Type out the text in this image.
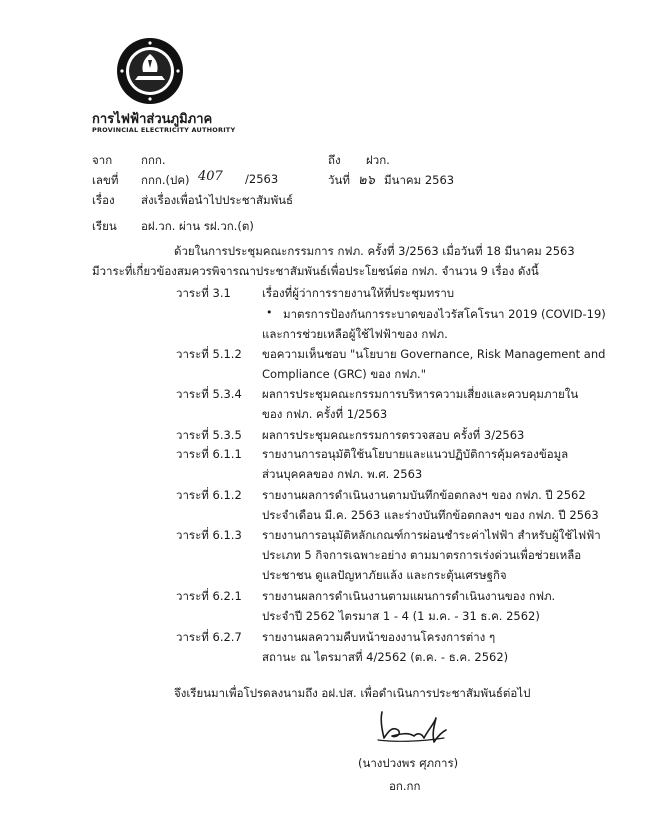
การไฟฟ้าส่วนภูมิภาค
PROVINCIAL ELECTRICITY AUTHORITY
จาก	กกก.	ถึง ฝวก.
เลขที่ กกก.(ปค) 407 /2563	วันที่ ๒๖ มีนาคม 2563
เรื่อง ส่งเรื่องเพื่อนำไปประชาสัมพันธ์
เรียน อฝ.วก. ผ่าน รฝ.วก.(ต)
ด้วยในการประชุมคณะกรรมการ กฟภ. ครั้งที่ 3/2563 เมื่อวันที่ 18 มีนาคม 2563
มีวาระที่เกี่ยวข้องสมควรพิจารณาประชาสัมพันธ์เพื่อประโยชน์ต่อ กฟภ. จำนวน 9 เรื่อง ดังนี้
วาระที่ 3.1	เรื่องที่ผู้ว่าการรายงานให้ที่ประชุมทราบ
• มาตรการป้องกันการระบาดของไวรัสโคโรนา 2019 (COVID-19)
และการช่วยเหลือผู้ใช้ไฟฟ้าของ กฟภ.
วาระที่ 5.1.2 ขอความเห็นชอบ "นโยบาย Governance, Risk Management and
Compliance (GRC) ของ กฟภ."
วาระที่ 5.3.4 ผลการประชุมคณะกรรมการบริหารความเสี่ยงและควบคุมภายใน
ของ กฟภ. ครั้งที่ 1/2563
วาระที่ 5.3.5 ผลการประชุมคณะกรรมการตรวจสอบ ครั้งที่ 3/2563
วาระที่ 6.1.1 รายงานการอนุมัติใช้นโยบายและแนวปฏิบัติการคุ้มครองข้อมูล
ส่วนบุคคลของ กฟภ. พ.ศ. 2563
วาระที่ 6.1.2 รายงานผลการดำเนินงานตามบันทึกข้อตกลงฯ ของ กฟภ. ปี 2562
ประจำเดือน มี.ค. 2563 และร่างบันทึกข้อตกลงฯ ของ กฟภ. ปี 2563
วาระที่ 6.1.3 รายงานการอนุมัติหลักเกณฑ์การผ่อนชำระค่าไฟฟ้า สำหรับผู้ใช้ไฟฟ้า
ประเภท 5 กิจการเฉพาะอย่าง ตามมาตรการเร่งด่วนเพื่อช่วยเหลือ
ประชาชน ดูแลปัญหาภัยแล้ง และกระตุ้นเศรษฐกิจ
วาระที่ 6.2.1 รายงานผลการดำเนินงานตามแผนการดำเนินงานของ กฟภ.
ประจำปี 2562 ไตรมาส 1 - 4 (1 ม.ค. - 31 ธ.ค. 2562)
วาระที่ 6.2.7 รายงานผลความคืบหน้าของงานโครงการต่าง ๆ
สถานะ ณ ไตรมาสที่ 4/2562 (ต.ค. - ธ.ค. 2562)
จึงเรียนมาเพื่อโปรดลงนามถึง อฝ.ปส. เพื่อดำเนินการประชาสัมพันธ์ต่อไป
(นางปวงพร ศุภการ)
อก.กก
